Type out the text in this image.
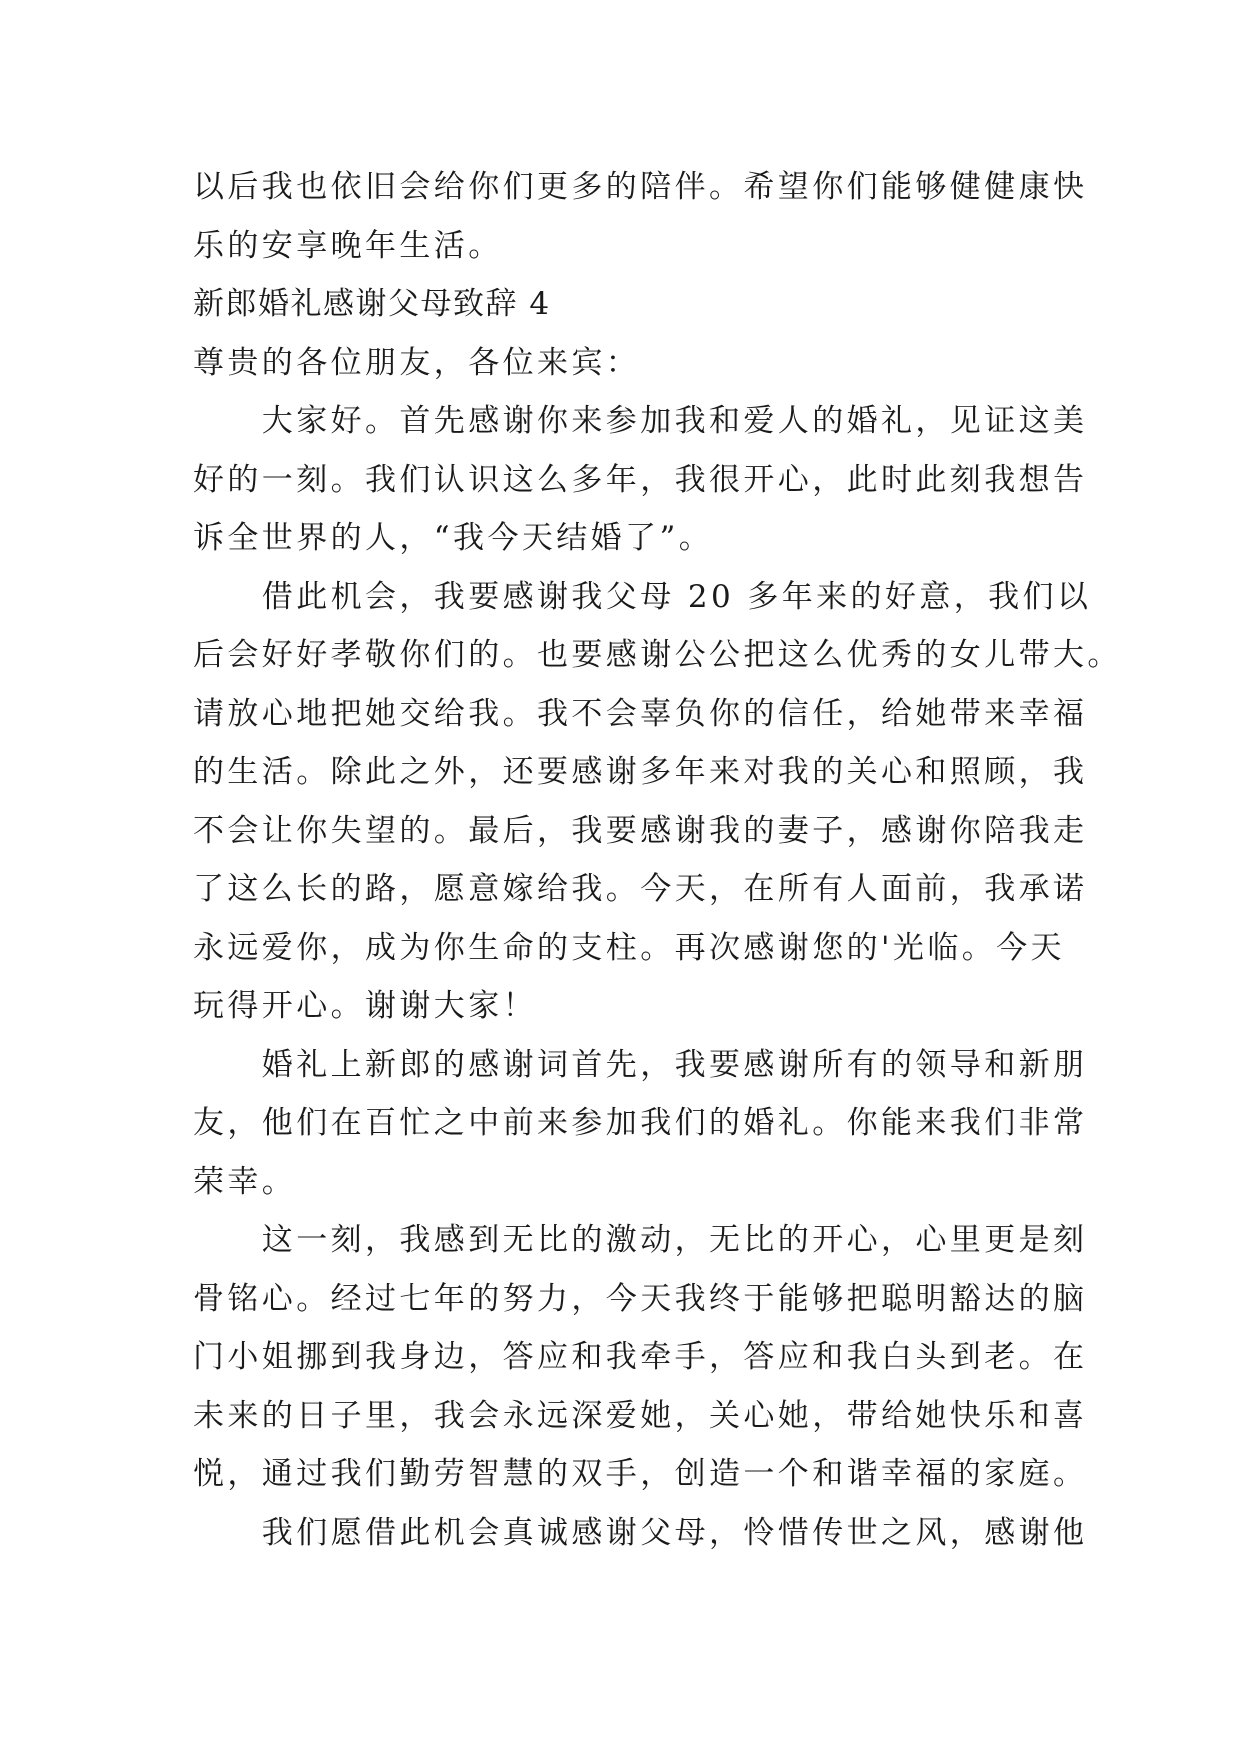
以后我也依旧会给你们更多的陪伴。希望你们能够健健康快
乐的安享晚年生活。
新郎婚礼感谢父母致辞 4
尊贵的各位朋友，各位来宾：
　　大家好。首先感谢你来参加我和爱人的婚礼，见证这美
好的一刻。我们认识这么多年，我很开心，此时此刻我想告
诉全世界的人，“我今天结婚了”。
　　借此机会，我要感谢我父母 20 多年来的好意，我们以
后会好好孝敬你们的。也要感谢公公把这么优秀的女儿带大。
请放心地把她交给我。我不会辜负你的信任，给她带来幸福
的生活。除此之外，还要感谢多年来对我的关心和照顾，我
不会让你失望的。最后，我要感谢我的妻子，感谢你陪我走
了这么长的路，愿意嫁给我。今天，在所有人面前，我承诺
永远爱你，成为你生命的支柱。再次感谢您的'光临。今天
玩得开心。谢谢大家！
　　婚礼上新郎的感谢词首先，我要感谢所有的领导和新朋
友，他们在百忙之中前来参加我们的婚礼。你能来我们非常
荣幸。
　　这一刻，我感到无比的激动，无比的开心，心里更是刻
骨铭心。经过七年的努力，今天我终于能够把聪明豁达的脑
门小姐挪到我身边，答应和我牵手，答应和我白头到老。在
未来的日子里，我会永远深爱她，关心她，带给她快乐和喜
悦，通过我们勤劳智慧的双手，创造一个和谐幸福的家庭。
　　我们愿借此机会真诚感谢父母，怜惜传世之风，感谢他
